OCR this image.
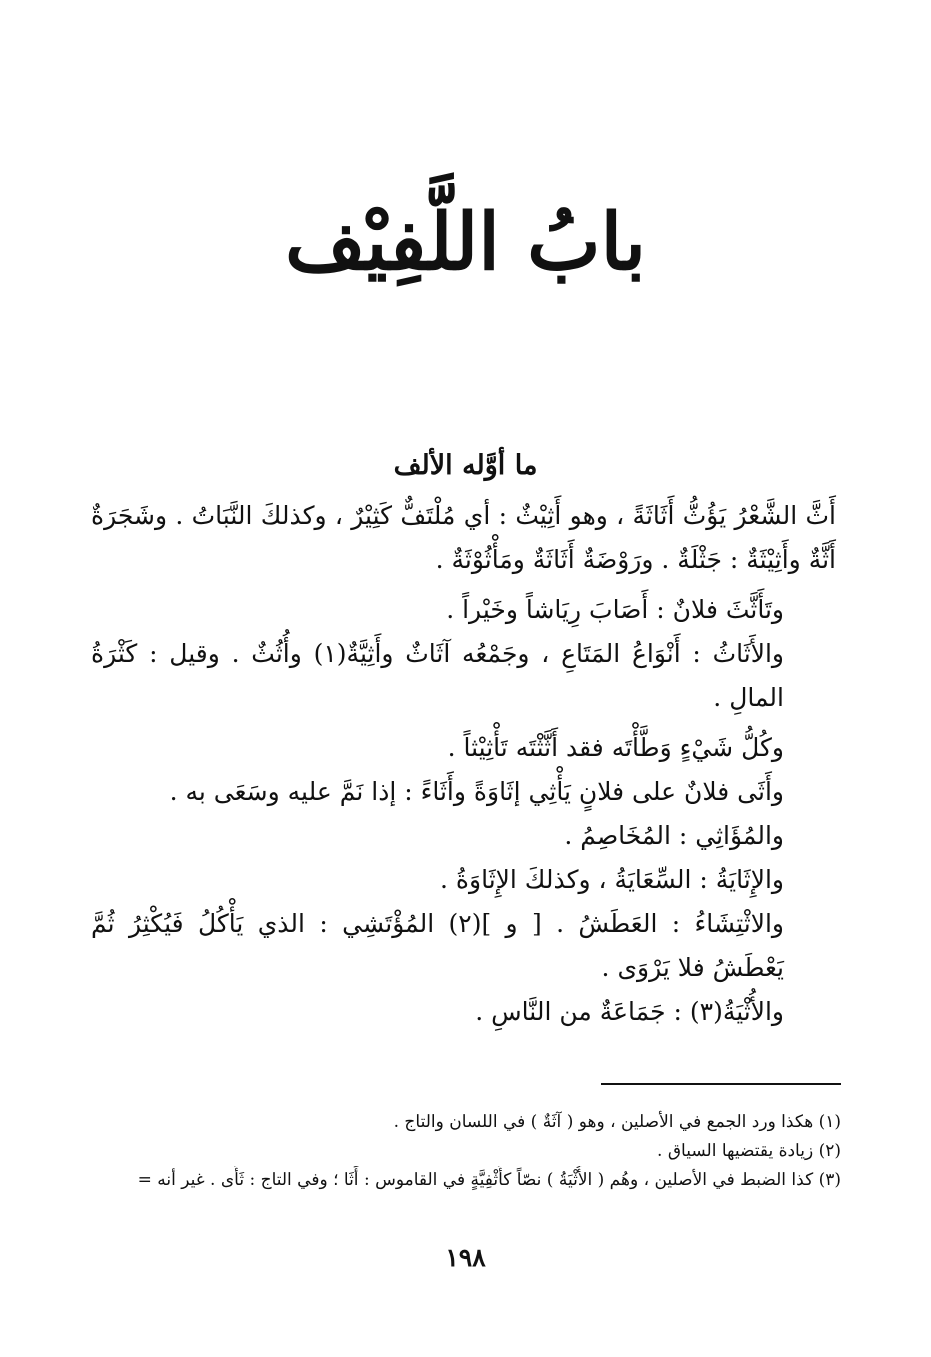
بابُ اللَّفِيْف
ما أوَّله الألف

أَثَّ الشَّعْرُ يَؤُثُّ أَثَاثَةً ، وهو أَثِيْثٌ : أي مُلْتَفٌّ كَثِيْرٌ ، وكذلكَ النَّبَاتُ . وشَجَرَةٌ أَثَّةٌ وأَثِيْثَةٌ : جَثْلَةٌ . ورَوْضَةٌ أَثَاثَةٌ ومَأْثُوْثَةٌ .

وتَأَثَّثَ فلانٌ : أَصَابَ رِيَاشاً وخَيْراً .

والأَثَاثُ : أَنْوَاعُ المَتَاعِ ، وجَمْعُه آثَاثٌ وأَثِيَّةٌ(١) وأُثُثٌ . وقيل : كَثْرَةُ المالِ .

وكُلُّ شَيْءٍ وَطَّأْتَه فقد أَثَّثْتَه تَأْثِيْثاً .

وأَثَى فلانٌ على فلانٍ يَأْثِي إثَاوَةً وأَثَاءً : إذا نَمَّ عليه وسَعَى به .

والمُؤَاثِي : المُخَاصِمُ .

والإِثَايَةُ : السِّعَايَةُ ، وكذلكَ الإِثَاوَةُ .

والاثْتِشَاءُ : العَطَشُ . [ و ](٢) المُؤْتَشِي : الذي يَأْكُلُ فَيُكْثِرُ ثُمَّ يَعْطَشُ فلا يَرْوَى .

والأُثْيَةُ(٣) : جَمَاعَةٌ من النَّاسِ .

(١) هكذا ورد الجمع في الأصلين ، وهو ( آثَةٌ ) في اللسان والتاج .

(٢) زيادة يقتضيها السياق .

(٣) كذا الضبط في الأصلين ، وهُم ( الأُثْيَةُ ) نصّاً كأُثْفِيَّةٍ في القاموس : أَثَا ؛ وفي التاج : ثَأَى . غير أنه =

١٩٨
